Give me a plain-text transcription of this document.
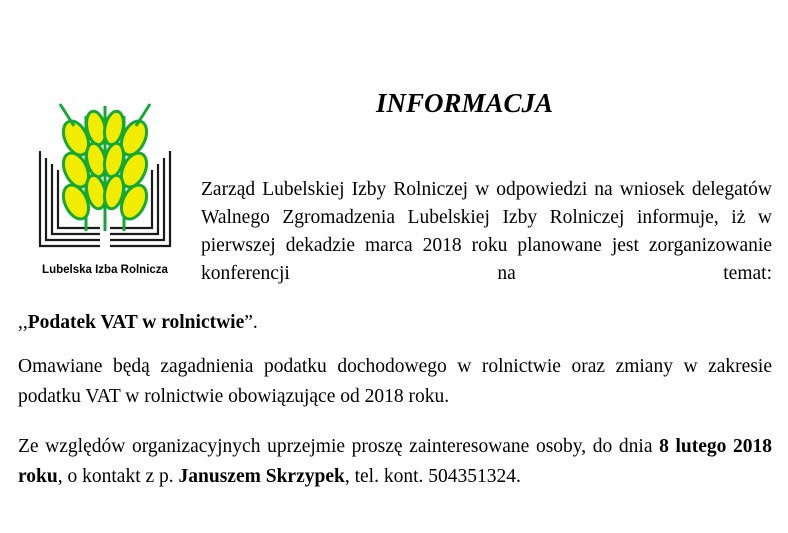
Lubelska Izba Rolnicza
INFORMACJA
Zarząd Lubelskiej Izby Rolniczej w odpowiedzi na wniosek delegatów Walnego Zgromadzenia Lubelskiej Izby Rolniczej informuje, iż w pierwszej dekadzie marca 2018 roku planowane jest zorganizowanie konferencji na temat:
,,Podatek VAT w rolnictwie”.
Omawiane będą zagadnienia podatku dochodowego w rolnictwie oraz zmiany w zakresie podatku VAT w rolnictwie obowiązujące od 2018 roku.
Ze względów organizacyjnych uprzejmie proszę zainteresowane osoby, do dnia 8 lutego 2018 roku, o kontakt z p. Januszem Skrzypek, tel. kont. 504351324.
